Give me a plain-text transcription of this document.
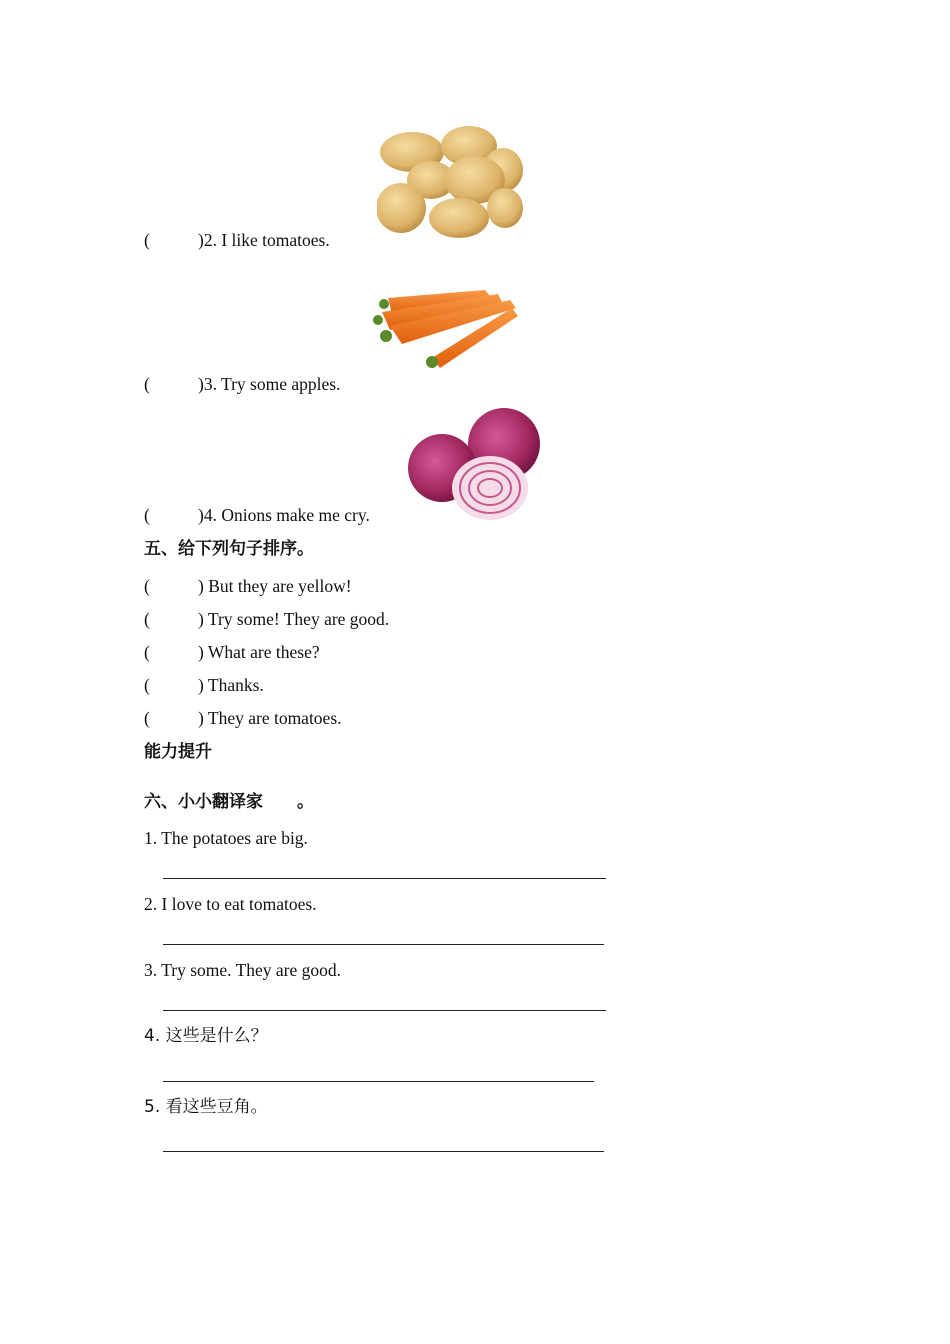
(	)2. I like tomatoes.
(	)3. Try some apples.
(	)4. Onions make me cry.
五、给下列句子排序。
(	) But they are yellow!
(	) Try some! They are good.
(	) What are these?
(	) Thanks.
(	) They are tomatoes.
能力提升
六、小小翻译家 。
1. The potatoes are big.
2. I love to eat tomatoes.
3. Try some. They are good.
4. 这些是什么？
5. 看这些豆角。
